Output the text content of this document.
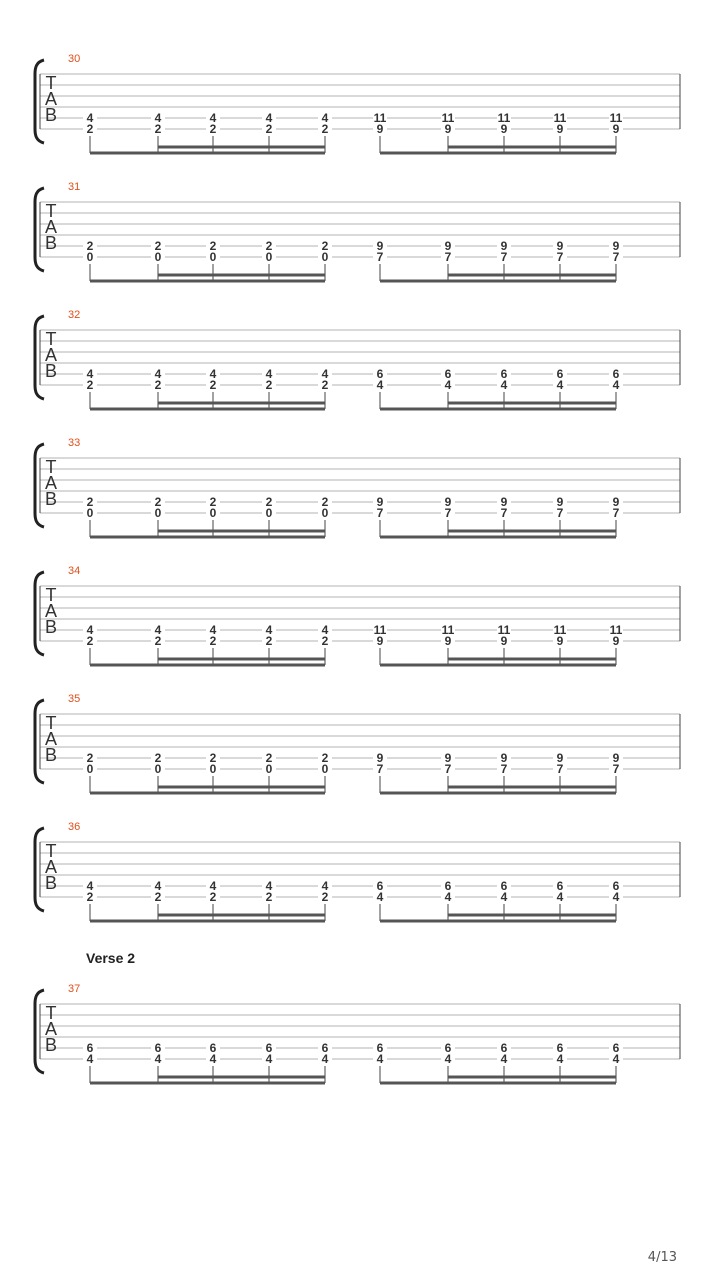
30
T
A
B 4
2
4
2
4
2
4
2
4
2
11
9
11
9
11
9
11
9
11
9
31
T
A
B 2
0
2
0
2
0
2
0
2
0
9
7
9
7
9
7
9
7
9
7
32
T
A
B 4
2
4
2
4
2
4
2
4
2
6
4
6
4
6
4
6
4
6
4
33
T
A
B 2
0
2
0
2
0
2
0
2
0
9
7
9
7
9
7
9
7
9
7
34
T
A
B 4
2
4
2
4
2
4
2
4
2
11
9
11
9
11
9
11
9
11
9
35
T
A
B 2
0
2
0
2
0
2
0
2
0
9
7
9
7
9
7
9
7
9
7
36
T
A
B 4
2
4
2
4
2
4
2
4
2
6
4
6
4
6
4
6
4
6
4
37
T
A
B 6
4
6
4
6
4
6
4
6
4
6
4
6
4
6
4
6
4
6
4
Verse 2
4/13
